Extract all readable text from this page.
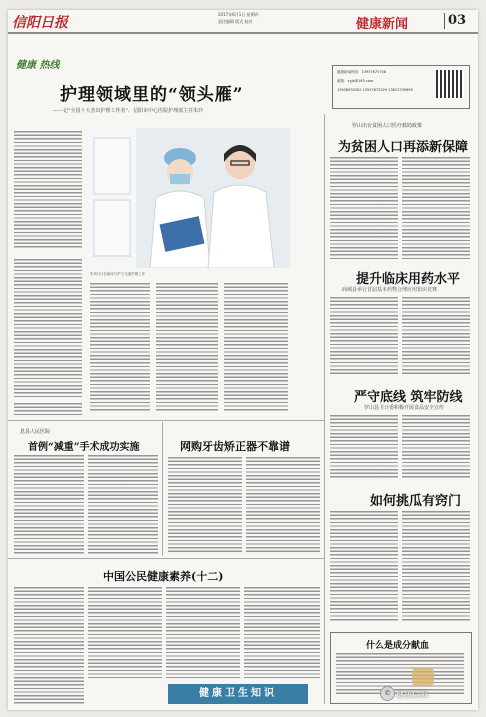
信阳日报
2017年6月1日 星期四
责任编辑 版式 校对	健康新闻	03
健康 热线
护理领域里的“领头雁”
——记“全国十大杰出护理工作者”、信阳市中心医院护理部主任朱玲
朱玲(右)在病房与护士交流护理工作
健康新闻热线：13937675708
邮箱：xyjk@163.com
13938930302 13937675329 13613709699
罗山出台贫困人口医疗救助政策
为贫困人口再添新保障
提升临床用药水平
商城县举行首届基本药物合理应用知识竞赛
严守底线 筑牢防线
罗山县卫计委积极开展食品安全宣传
如何挑瓜有窍门
什么是成分献血
息县人民医院
首例“减重”手术成功实施	网购牙齿矫正器不靠谱
中国公民健康素养(十二)
健康卫生知识	✆ 健康信阳
